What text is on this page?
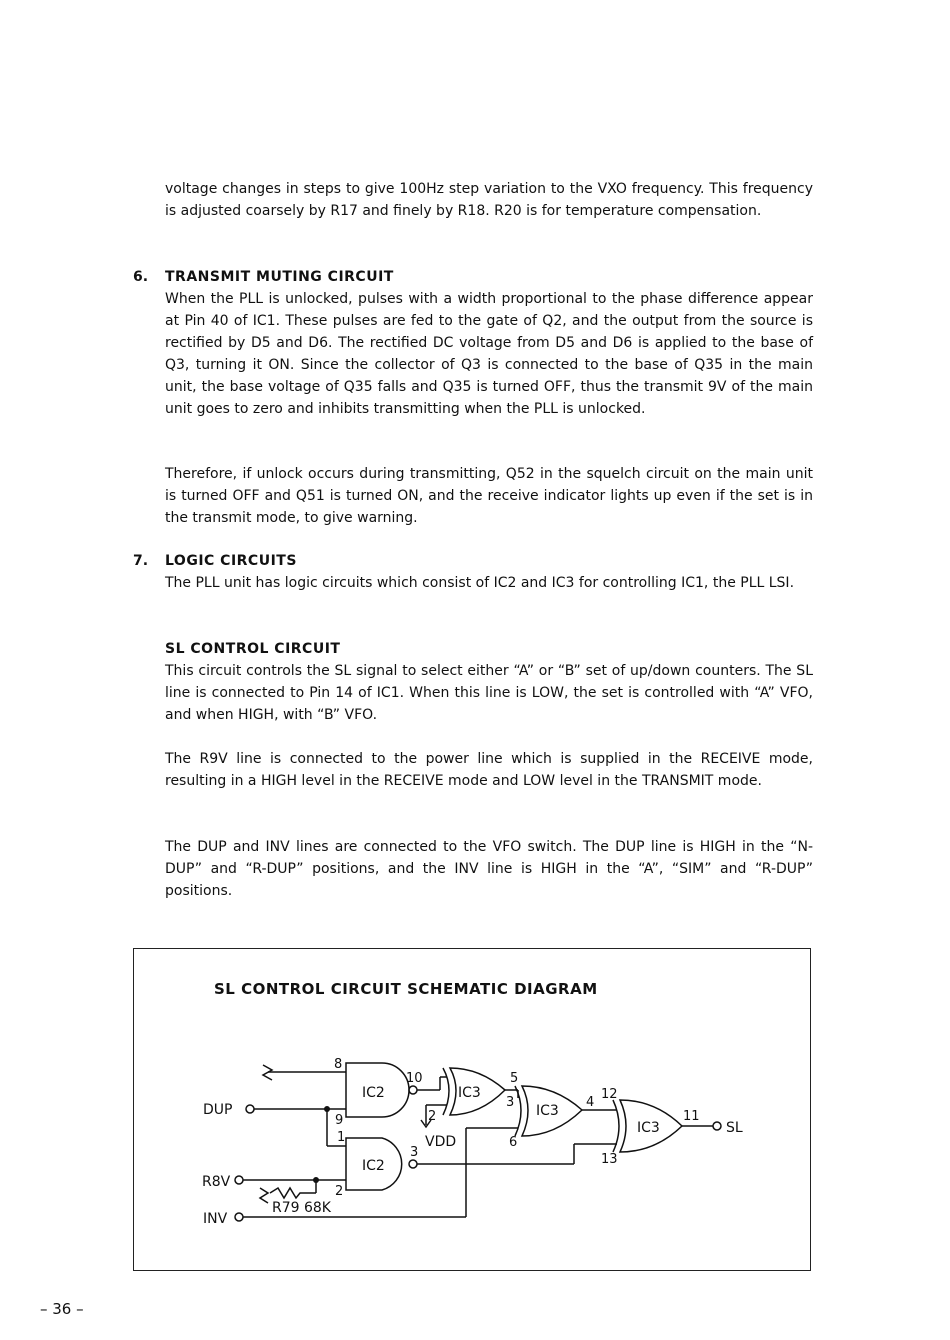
voltage changes in steps to give 100Hz step variation to the VXO frequency. This frequency is adjusted coarsely by R17 and finely by R18. R20 is for temperature compensation.

6. TRANSMIT MUTING CIRCUIT

When the PLL is unlocked, pulses with a width proportional to the phase difference appear at Pin 40 of IC1. These pulses are fed to the gate of Q2, and the output from the source is rectified by D5 and D6. The rectified DC voltage from D5 and D6 is applied to the base of Q3, turning it ON. Since the collector of Q3 is connected to the base of Q35 in the main unit, the base voltage of Q35 falls and Q35 is turned OFF, thus the transmit 9V of the main unit goes to zero and inhibits transmitting when the PLL is unlocked.

Therefore, if unlock occurs during transmitting, Q52 in the squelch circuit on the main unit is turned OFF and Q51 is turned ON, and the receive indicator lights up even if the set is in the transmit mode, to give warning.

7. LOGIC CIRCUITS

The PLL unit has logic circuits which consist of IC2 and IC3 for controlling IC1, the PLL LSI.

SL CONTROL CIRCUIT

This circuit controls the SL signal to select either “A” or “B” set of up/down counters. The SL line is connected to Pin 14 of IC1. When this line is LOW, the set is controlled with “A” VFO, and when HIGH, with “B” VFO.

The R9V line is connected to the power line which is supplied in the RECEIVE mode, resulting in a HIGH level in the RECEIVE mode and LOW level in the TRANSMIT mode.

The DUP and INV lines are connected to the VFO switch. The DUP line is HIGH in the “N-DUP” and “R-DUP” positions, and the INV line is HIGH in the “A”, “SIM” and “R-DUP” positions.

SL CONTROL CIRCUIT SCHEMATIC DIAGRAM
IC2
IC2
IC3
IC3
IC3
DUP
R8V
INV
SL
VDD
R79 68K
8
9
10
1
2
3
5
2
3
6
4
12
13
11
– 36 –
